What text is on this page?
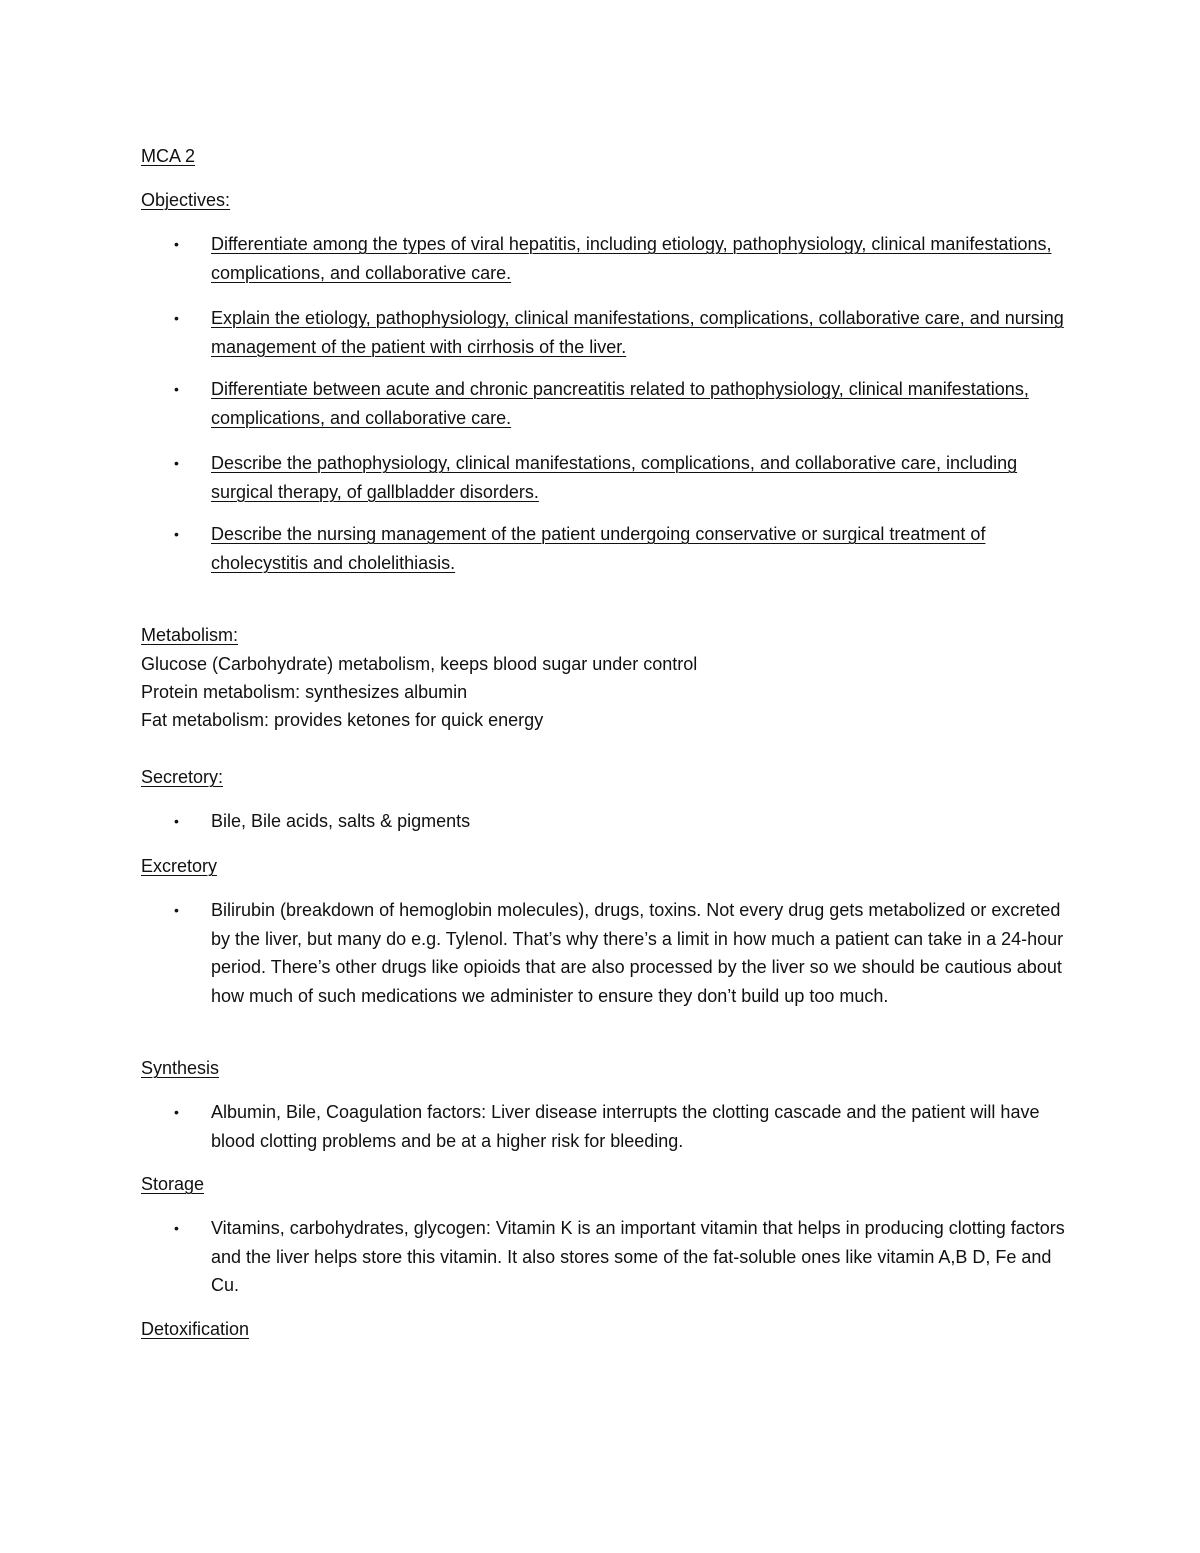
MCA 2
Objectives:
• Differentiate among the types of viral hepatitis, including etiology, pathophysiology, clinical manifestations, complications, and collaborative care.
• Explain the etiology, pathophysiology, clinical manifestations, complications, collaborative care, and nursing management of the patient with cirrhosis of the liver.
• Differentiate between acute and chronic pancreatitis related to pathophysiology, clinical manifestations, complications, and collaborative care.
• Describe the pathophysiology, clinical manifestations, complications, and collaborative care, including surgical therapy, of gallbladder disorders.
• Describe the nursing management of the patient undergoing conservative or surgical treatment of cholecystitis and cholelithiasis.
Metabolism:
Glucose (Carbohydrate) metabolism, keeps blood sugar under control
Protein metabolism: synthesizes albumin
Fat metabolism: provides ketones for quick energy
Secretory:
• Bile, Bile acids, salts & pigments
Excretory
• Bilirubin (breakdown of hemoglobin molecules), drugs, toxins. Not every drug gets metabolized or excreted by the liver, but many do e.g. Tylenol. That’s why there’s a limit in how much a patient can take in a 24-hour period. There’s other drugs like opioids that are also processed by the liver so we should be cautious about how much of such medications we administer to ensure they don’t build up too much.
Synthesis
• Albumin, Bile, Coagulation factors: Liver disease interrupts the clotting cascade and the patient will have blood clotting problems and be at a higher risk for bleeding.
Storage
• Vitamins, carbohydrates, glycogen: Vitamin K is an important vitamin that helps in producing clotting factors and the liver helps store this vitamin. It also stores some of the fat-soluble ones like vitamin A,B D, Fe and Cu.
Detoxification
